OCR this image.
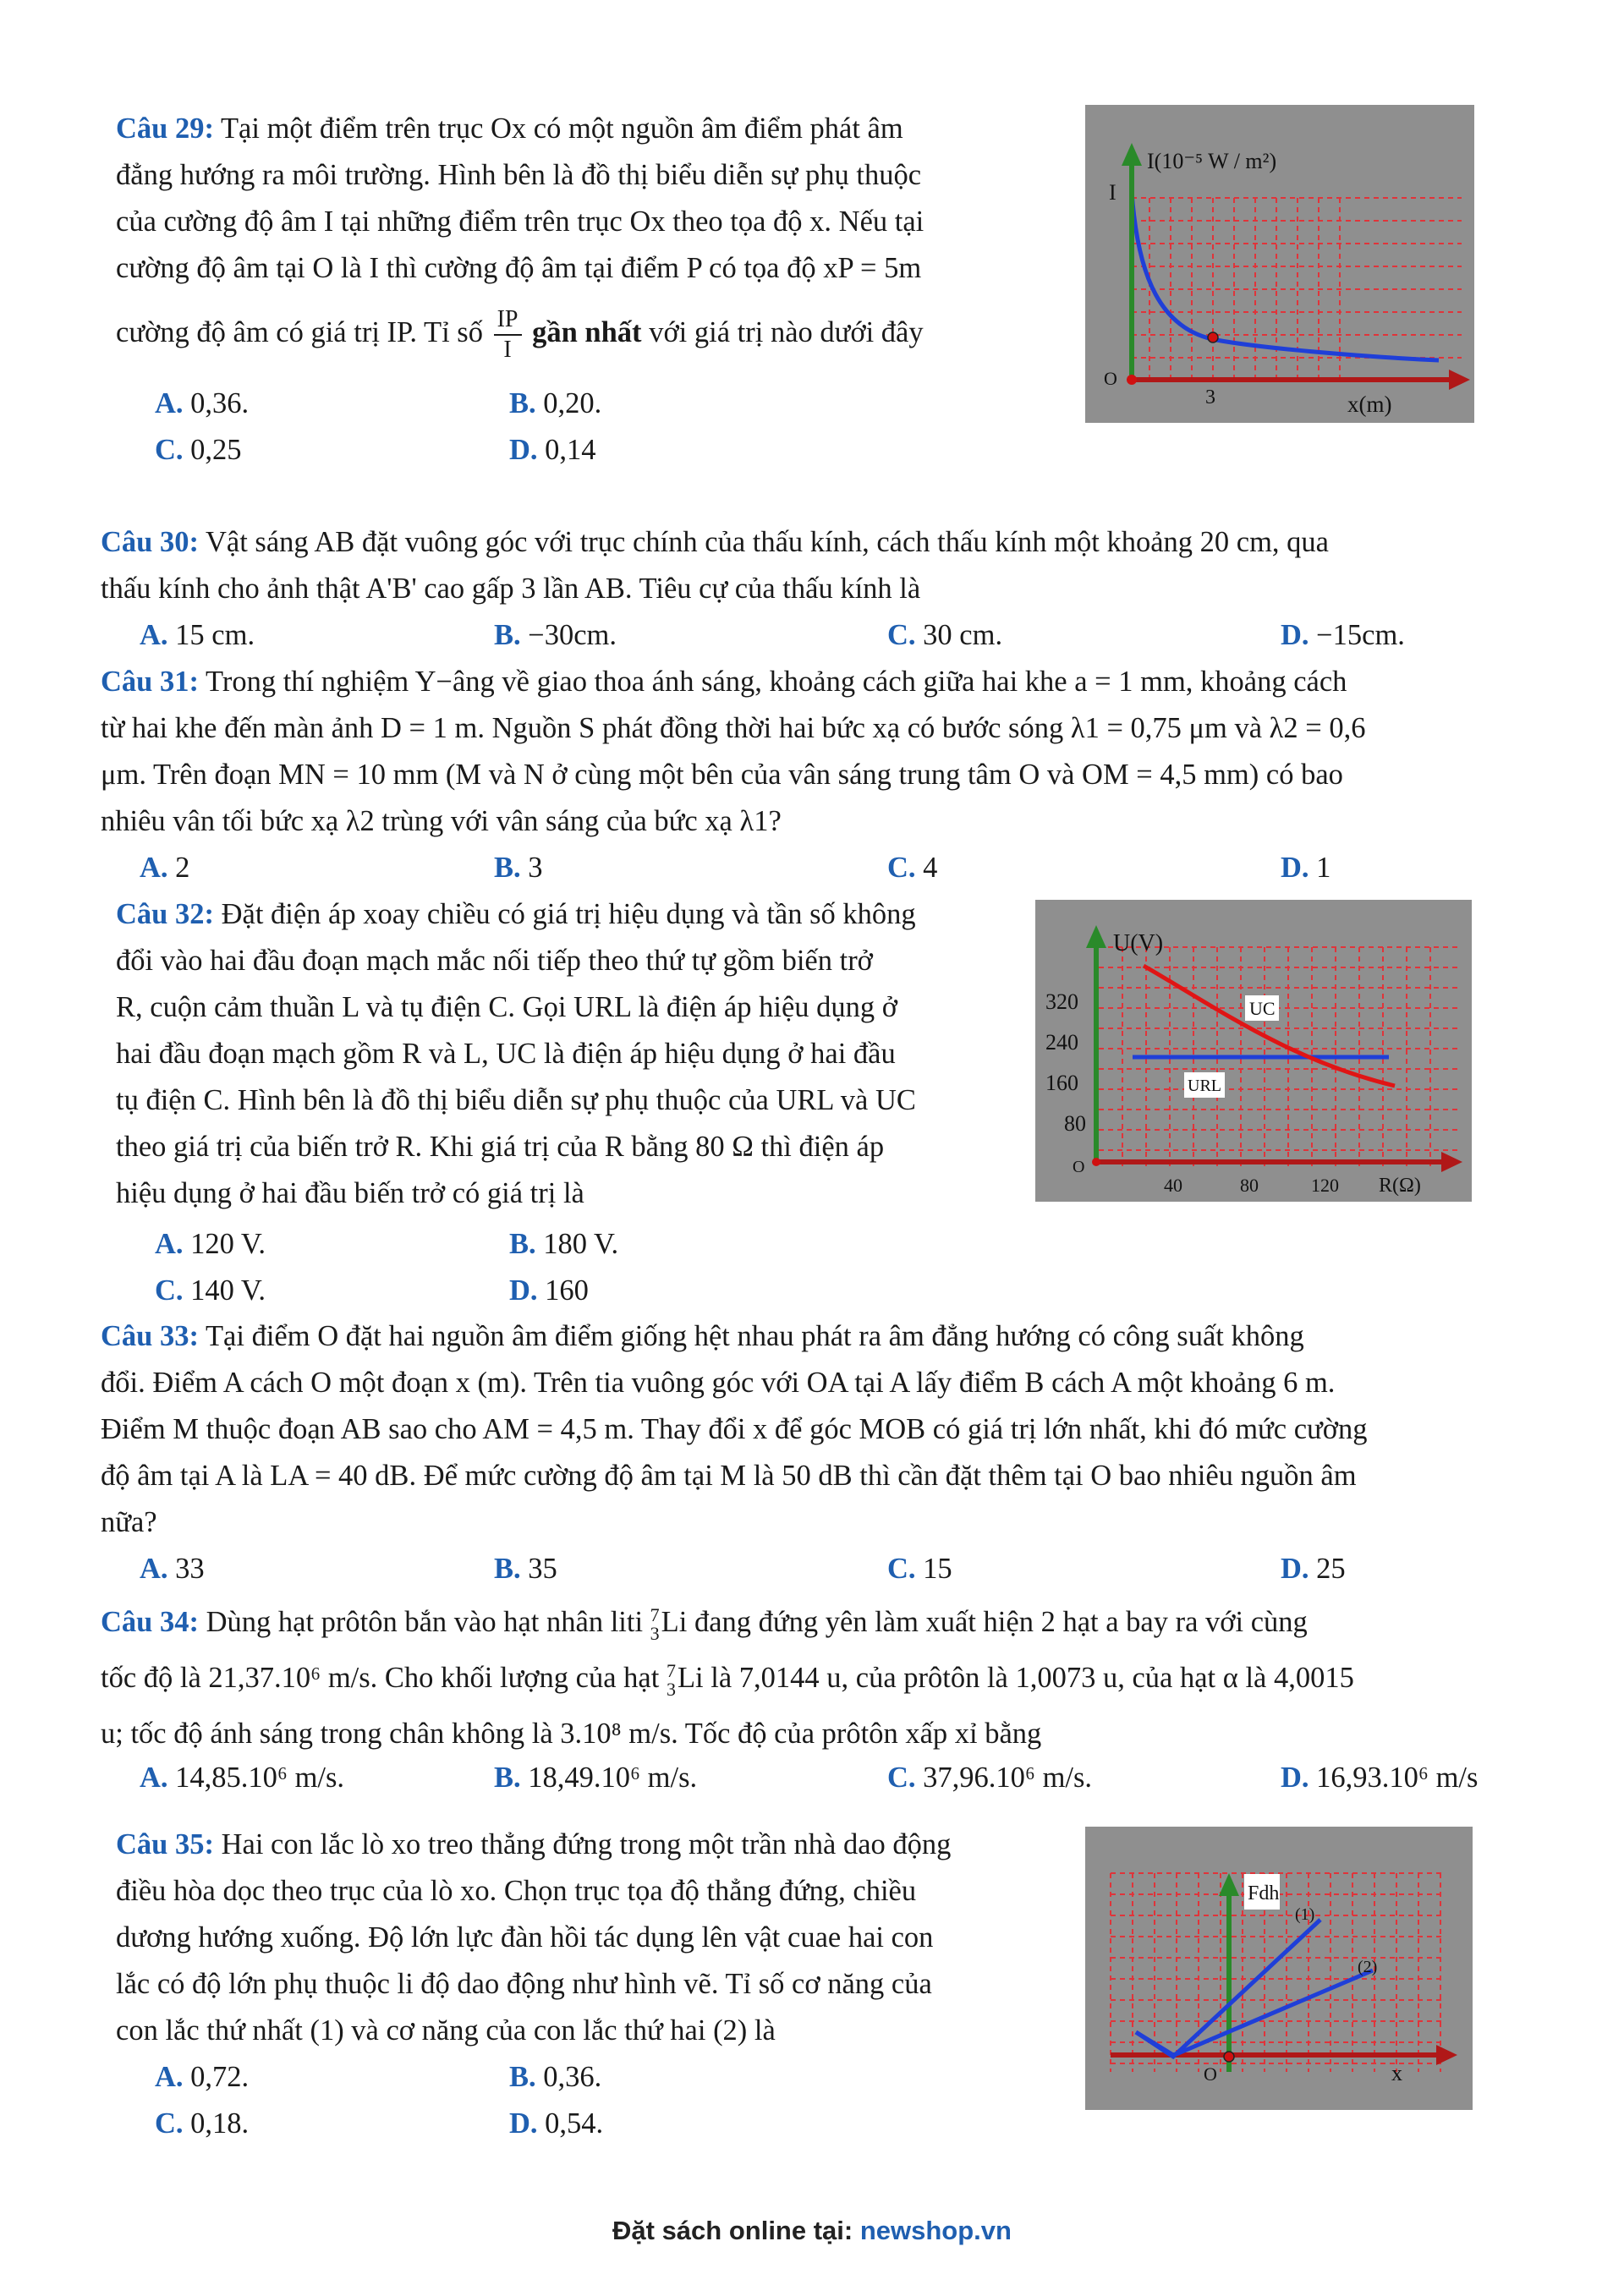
Câu 29: Tại một điểm trên trục Ox có một nguồn âm điểm phát âm
đẳng hướng ra môi trường. Hình bên là đồ thị biểu diễn sự phụ thuộc
của cường độ âm I tại những điểm trên trục Ox theo tọa độ x. Nếu tại
cường độ âm tại O là I thì cường độ âm tại điểm P có tọa độ xP = 5m
cường độ âm có giá trị IP. Tỉ số $\frac{IP}{I}$ gần nhất với giá trị nào dưới đây
A. 0,36.	B. 0,20.
C. 0,25	D. 0,14
I(10⁻⁵ W / m²)
I
O
3	x(m)
Câu 30: Vật sáng AB đặt vuông góc với trục chính của thấu kính, cách thấu kính một khoảng 20 cm, qua
thấu kính cho ảnh thật A'B' cao gấp 3 lần AB. Tiêu cự của thấu kính là
A. 15 cm.	B. −30cm.	C. 30 cm.	D. −15cm.
Câu 31: Trong thí nghiệm Y−âng về giao thoa ánh sáng, khoảng cách giữa hai khe a = 1 mm, khoảng cách
từ hai khe đến màn ảnh D = 1 m. Nguồn S phát đồng thời hai bức xạ có bước sóng λ1 = 0,75 μm và λ2 = 0,6
μm. Trên đoạn MN = 10 mm (M và N ở cùng một bên của vân sáng trung tâm O và OM = 4,5 mm) có bao
nhiêu vân tối bức xạ λ2 trùng với vân sáng của bức xạ λ1?
A. 2	B. 3	C. 4	D. 1
Câu 32: Đặt điện áp xoay chiều có giá trị hiệu dụng và tần số không
đổi vào hai đầu đoạn mạch mắc nối tiếp theo thứ tự gồm biến trở
R, cuộn cảm thuần L và tụ điện C. Gọi URL là điện áp hiệu dụng ở
hai đầu đoạn mạch gồm R và L, UC là điện áp hiệu dụng ở hai đầu
tụ điện C. Hình bên là đồ thị biểu diễn sự phụ thuộc của URL và UC
theo giá trị của biến trở R. Khi giá trị của R bằng 80 Ω thì điện áp
hiệu dụng ở hai đầu biến trở có giá trị là
A. 120 V.	B. 180 V.
C. 140 V.	D. 160
U(V)
320
240
160
80
O
40	80	120 R(Ω)
UC
URL
Câu 33: Tại điểm O đặt hai nguồn âm điểm giống hệt nhau phát ra âm đẳng hướng có công suất không
đổi. Điểm A cách O một đoạn x (m). Trên tia vuông góc với OA tại A lấy điểm B cách A một khoảng 6 m.
Điểm M thuộc đoạn AB sao cho AM = 4,5 m. Thay đổi x để góc MOB có giá trị lớn nhất, khi đó mức cường
độ âm tại A là LA = 40 dB. Để mức cường độ âm tại M là 50 dB thì cần đặt thêm tại O bao nhiêu nguồn âm
nữa?
A. 33	B. 35	C. 15	D. 25
Câu 34: Dùng hạt prôtôn bắn vào hạt nhân liti 7
3 Li đang đứng yên làm xuất hiện 2 hạt a bay ra với cùng
tốc độ là 21,37.10⁶ m/s. Cho khối lượng của hạt 7
3 Li là 7,0144 u, của prôtôn là 1,0073 u, của hạt α là 4,0015
u; tốc độ ánh sáng trong chân không là 3.10⁸ m/s. Tốc độ của prôtôn xấp xỉ bằng
A. 14,85.10⁶ m/s.	B. 18,49.10⁶ m/s.	C. 37,96.10⁶ m/s.	D. 16,93.10⁶ m/s
Câu 35: Hai con lắc lò xo treo thẳng đứng trong một trần nhà dao động
điều hòa dọc theo trục của lò xo. Chọn trục tọa độ thẳng đứng, chiều
dương hướng xuống. Độ lớn lực đàn hồi tác dụng lên vật cuae hai con
lắc có độ lớn phụ thuộc li độ dao động như hình vẽ. Tỉ số cơ năng của
con lắc thứ nhất (1) và cơ năng của con lắc thứ hai (2) là
A. 0,72.	B. 0,36.
C. 0,18.	D. 0,54.
Fdh
O	x
(1)
(2)
Đặt sách online tại: newshop.vn
